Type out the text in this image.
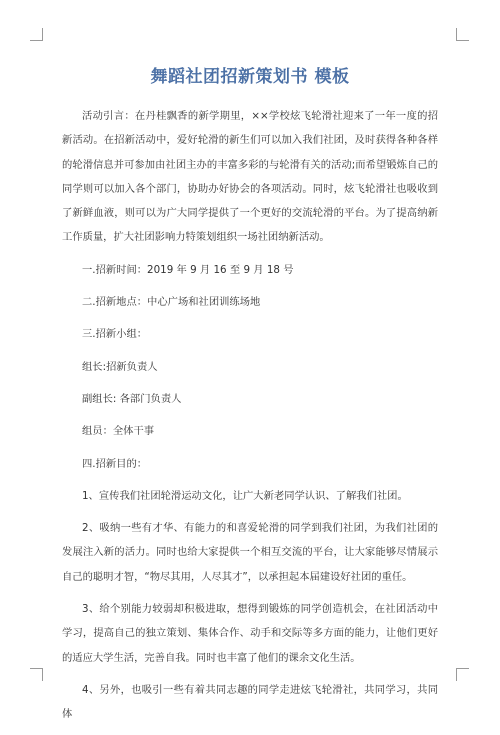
舞蹈社团招新策划书 模板

活动引言：在丹桂飘香的新学期里，××学校炫飞轮滑社迎来了一年一度的招新活动。在招新活动中，爱好轮滑的新生们可以加入我们社团，及时获得各种各样的轮滑信息并可参加由社团主办的丰富多彩的与轮滑有关的活动;而希望锻炼自己的同学则可以加入各个部门，协助办好协会的各项活动。同时，炫飞轮滑社也吸收到了新鲜血液，则可以为广大同学提供了一个更好的交流轮滑的平台。为了提高纳新工作质量，扩大社团影响力特策划组织一场社团纳新活动。

一.招新时间：2019 年 9 月 16 至 9 月 18 号

二.招新地点：中心广场和社团训练场地

三.招新小组：

组长:招新负责人

副组长: 各部门负责人

组员：全体干事

四.招新目的：

1、宣传我们社团轮滑运动文化，让广大新老同学认识、了解我们社团。

2、吸纳一些有才华、有能力的和喜爱轮滑的同学到我们社团，为我们社团的发展注入新的活力。同时也给大家提供一个相互交流的平台，让大家能够尽情展示自己的聪明才智，“物尽其用，人尽其才”，以承担起本届建设好社团的重任。

3、给个别能力较弱却积极进取，想得到锻炼的同学创造机会，在社团活动中学习，提高自己的独立策划、集体合作、动手和交际等多方面的能力，让他们更好的适应大学生活，完善自我。同时也丰富了他们的课余文化生活。

4、另外，也吸引一些有着共同志趣的同学走进炫飞轮滑社，共同学习，共同体
